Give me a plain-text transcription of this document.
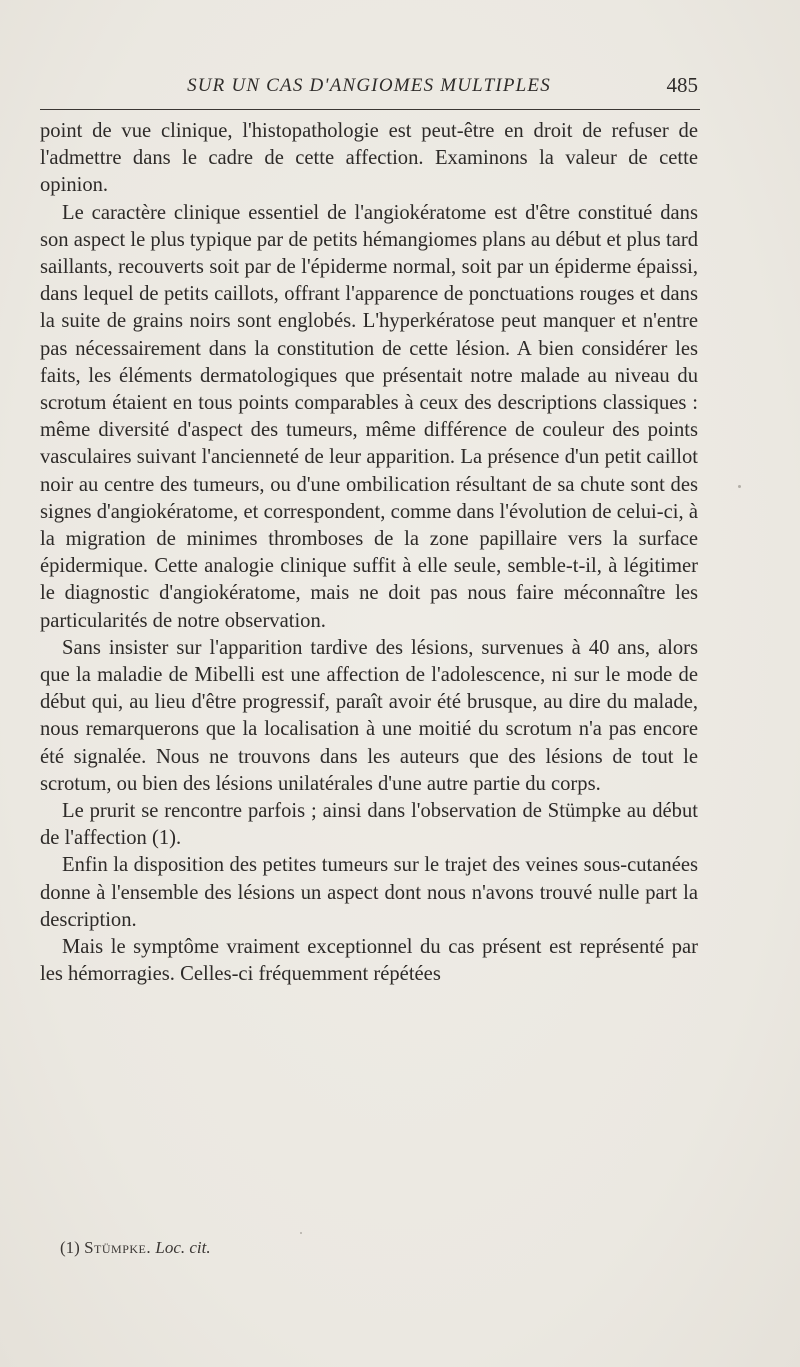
SUR UN CAS D'ANGIOMES MULTIPLES	485

point de vue clinique, l'histopathologie est peut-être en droit de refuser de l'admettre dans le cadre de cette affection. Examinons la valeur de cette opinion.

Le caractère clinique essentiel de l'angiokératome est d'être constitué dans son aspect le plus typique par de petits hémangiomes plans au début et plus tard saillants, recouverts soit par de l'épiderme normal, soit par un épiderme épaissi, dans lequel de petits caillots, offrant l'apparence de ponctuations rouges et dans la suite de grains noirs sont englobés. L'hyperkératose peut manquer et n'entre pas nécessairement dans la constitution de cette lésion. A bien considérer les faits, les éléments dermatologiques que présentait notre malade au niveau du scrotum étaient en tous points comparables à ceux des descriptions classiques : même diversité d'aspect des tumeurs, même différence de couleur des points vasculaires suivant l'ancienneté de leur apparition. La présence d'un petit caillot noir au centre des tumeurs, ou d'une ombilication résultant de sa chute sont des signes d'angiokératome, et correspondent, comme dans l'évolution de celui-ci, à la migration de minimes thromboses de la zone papillaire vers la surface épidermique. Cette analogie clinique suffit à elle seule, semble-t-il, à légitimer le diagnostic d'angiokératome, mais ne doit pas nous faire méconnaître les particularités de notre observation.

Sans insister sur l'apparition tardive des lésions, survenues à 40 ans, alors que la maladie de Mibelli est une affection de l'adolescence, ni sur le mode de début qui, au lieu d'être progressif, paraît avoir été brusque, au dire du malade, nous remarquerons que la localisation à une moitié du scrotum n'a pas encore été signalée. Nous ne trouvons dans les auteurs que des lésions de tout le scrotum, ou bien des lésions unilatérales d'une autre partie du corps.

Le prurit se rencontre parfois ; ainsi dans l'observation de Stümpke au début de l'affection (1).

Enfin la disposition des petites tumeurs sur le trajet des veines sous-cutanées donne à l'ensemble des lésions un aspect dont nous n'avons trouvé nulle part la description.

Mais le symptôme vraiment exceptionnel du cas présent est représenté par les hémorragies. Celles-ci fréquemment répétées

(1) Stümpke. Loc. cit.
